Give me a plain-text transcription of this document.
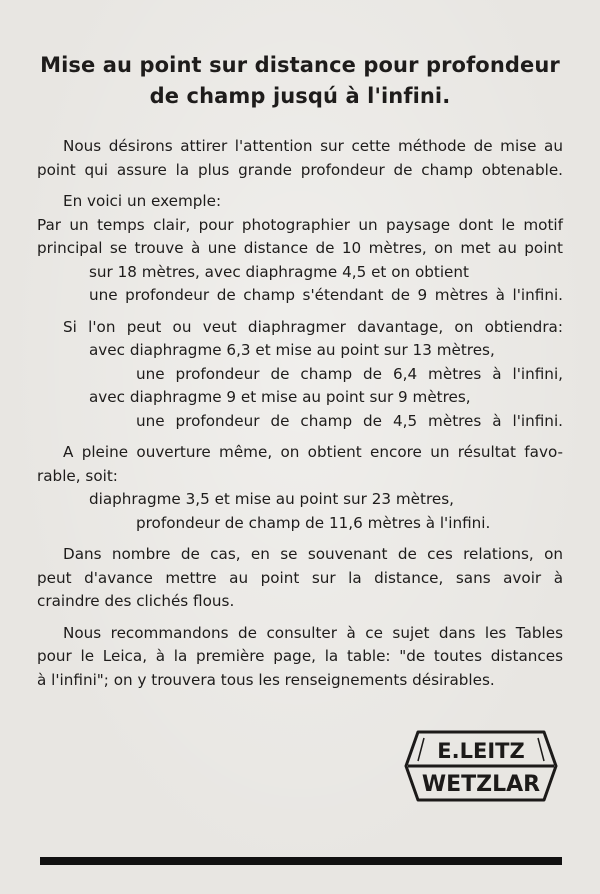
Mise au point sur distance pour profondeur
de champ jusqú à l'infini.
Nous désirons attirer l'attention sur cette méthode de mise au
point qui assure la plus grande profondeur de champ obtenable.
En voici un exemple:
Par un temps clair, pour photographier un paysage dont le motif
principal se trouve à une distance de 10 mètres, on met au point
sur 18 mètres, avec diaphragme 4,5 et on obtient
une profondeur de champ s'étendant de 9 mètres à l'infini.
Si l'on peut ou veut diaphragmer davantage, on obtiendra:
avec diaphragme 6,3 et mise au point sur 13 mètres,
une profondeur de champ de 6,4 mètres à l'infini,
avec diaphragme 9 et mise au point sur 9 mètres,
une profondeur de champ de 4,5 mètres à l'infini.
A pleine ouverture même, on obtient encore un résultat favo-
rable, soit:
diaphragme 3,5 et mise au point sur 23 mètres,
profondeur de champ de 11,6 mètres à l'infini.
Dans nombre de cas, en se souvenant de ces relations, on
peut d'avance mettre au point sur la distance, sans avoir à
craindre des clichés flous.
Nous recommandons de consulter à ce sujet dans les Tables
pour le Leica, à la première page, la table: "de toutes distances
à l'infini"; on y trouvera tous les renseignements désirables.
E.LEITZ
WETZLAR
